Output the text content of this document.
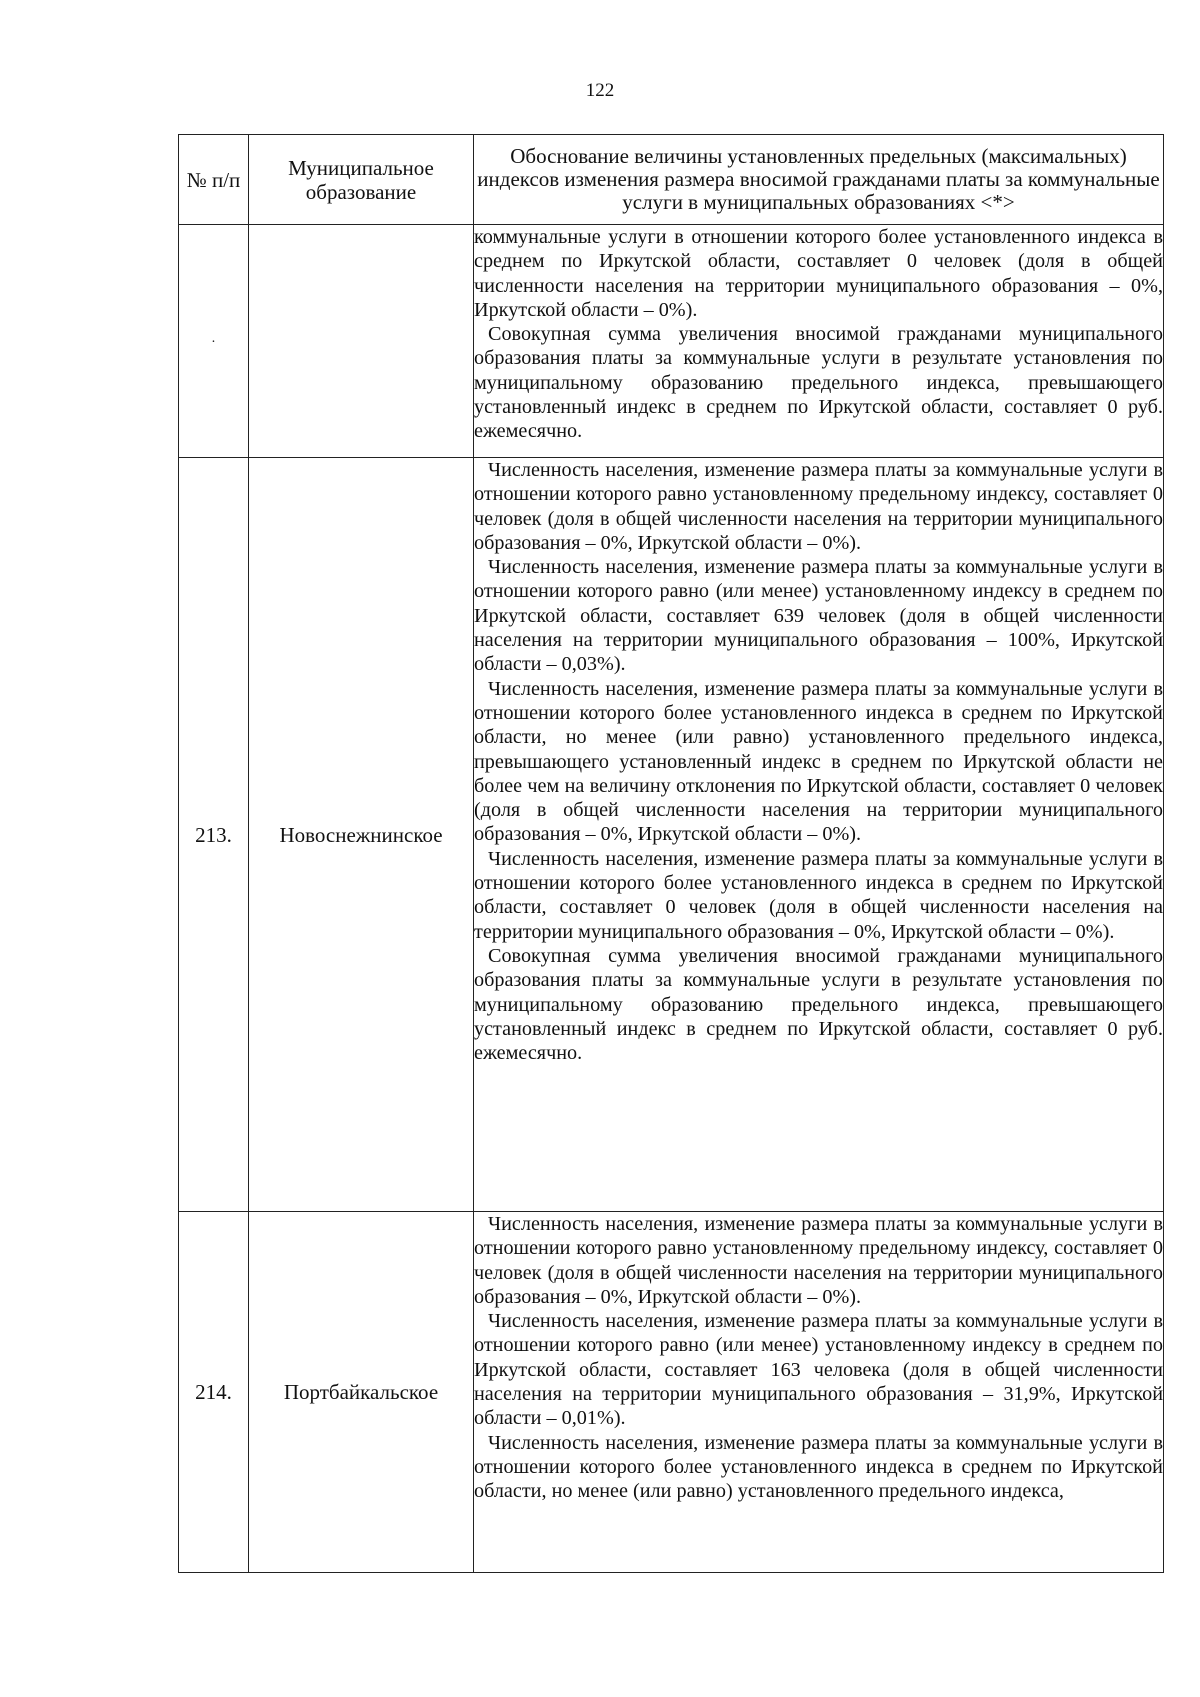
122
№ п/п	Муниципальное образование	Обоснование величины установленных предельных (максимальных) индексов изменения размера вносимой гражданами платы за коммунальные услуги в муниципальных образованиях <*>
·		коммунальные услуги в отношении которого более установленного индекса в среднем по Иркутской области, составляет 0 человек (доля в общей численности населения на территории муниципального образования – 0%, Иркутской области – 0%).

Совокупная сумма увеличения вносимой гражданами муниципального образования платы за коммунальные услуги в результате установления по муниципальному образованию предельного индекса, превышающего установленный индекс в среднем по Иркутской области, составляет 0 руб. ежемесячно.

213.	Новоснежнинское	Численность населения, изменение размера платы за коммунальные услуги в отношении которого равно установленному предельному индексу, составляет 0 человек (доля в общей численности населения на территории муниципального образования – 0%, Иркутской области – 0%).

Численность населения, изменение размера платы за коммунальные услуги в отношении которого равно (или менее) установленному индексу в среднем по Иркутской области, составляет 639 человек (доля в общей численности населения на территории муниципального образования – 100%, Иркутской области – 0,03%).

Численность населения, изменение размера платы за коммунальные услуги в отношении которого более установленного индекса в среднем по Иркутской области, но менее (или равно) установленного предельного индекса, превышающего установленный индекс в среднем по Иркутской области не более чем на величину отклонения по Иркутской области, составляет 0 человек (доля в общей численности населения на территории муниципального образования – 0%, Иркутской области – 0%).

Численность населения, изменение размера платы за коммунальные услуги в отношении которого более установленного индекса в среднем по Иркутской области, составляет 0 человек (доля в общей численности населения на территории муниципального образования – 0%, Иркутской области – 0%).

Совокупная сумма увеличения вносимой гражданами муниципального образования платы за коммунальные услуги в результате установления по муниципальному образованию предельного индекса, превышающего установленный индекс в среднем по Иркутской области, составляет 0 руб. ежемесячно.

214.	Портбайкальское	Численность населения, изменение размера платы за коммунальные услуги в отношении которого равно установленному предельному индексу, составляет 0 человек (доля в общей численности населения на территории муниципального образования – 0%, Иркутской области – 0%).

Численность населения, изменение размера платы за коммунальные услуги в отношении которого равно (или менее) установленному индексу в среднем по Иркутской области, составляет 163 человека (доля в общей численности населения на территории муниципального образования – 31,9%, Иркутской области – 0,01%).

Численность населения, изменение размера платы за коммунальные услуги в отношении которого более установленного индекса в среднем по Иркутской области, но менее (или равно) установленного предельного индекса,
